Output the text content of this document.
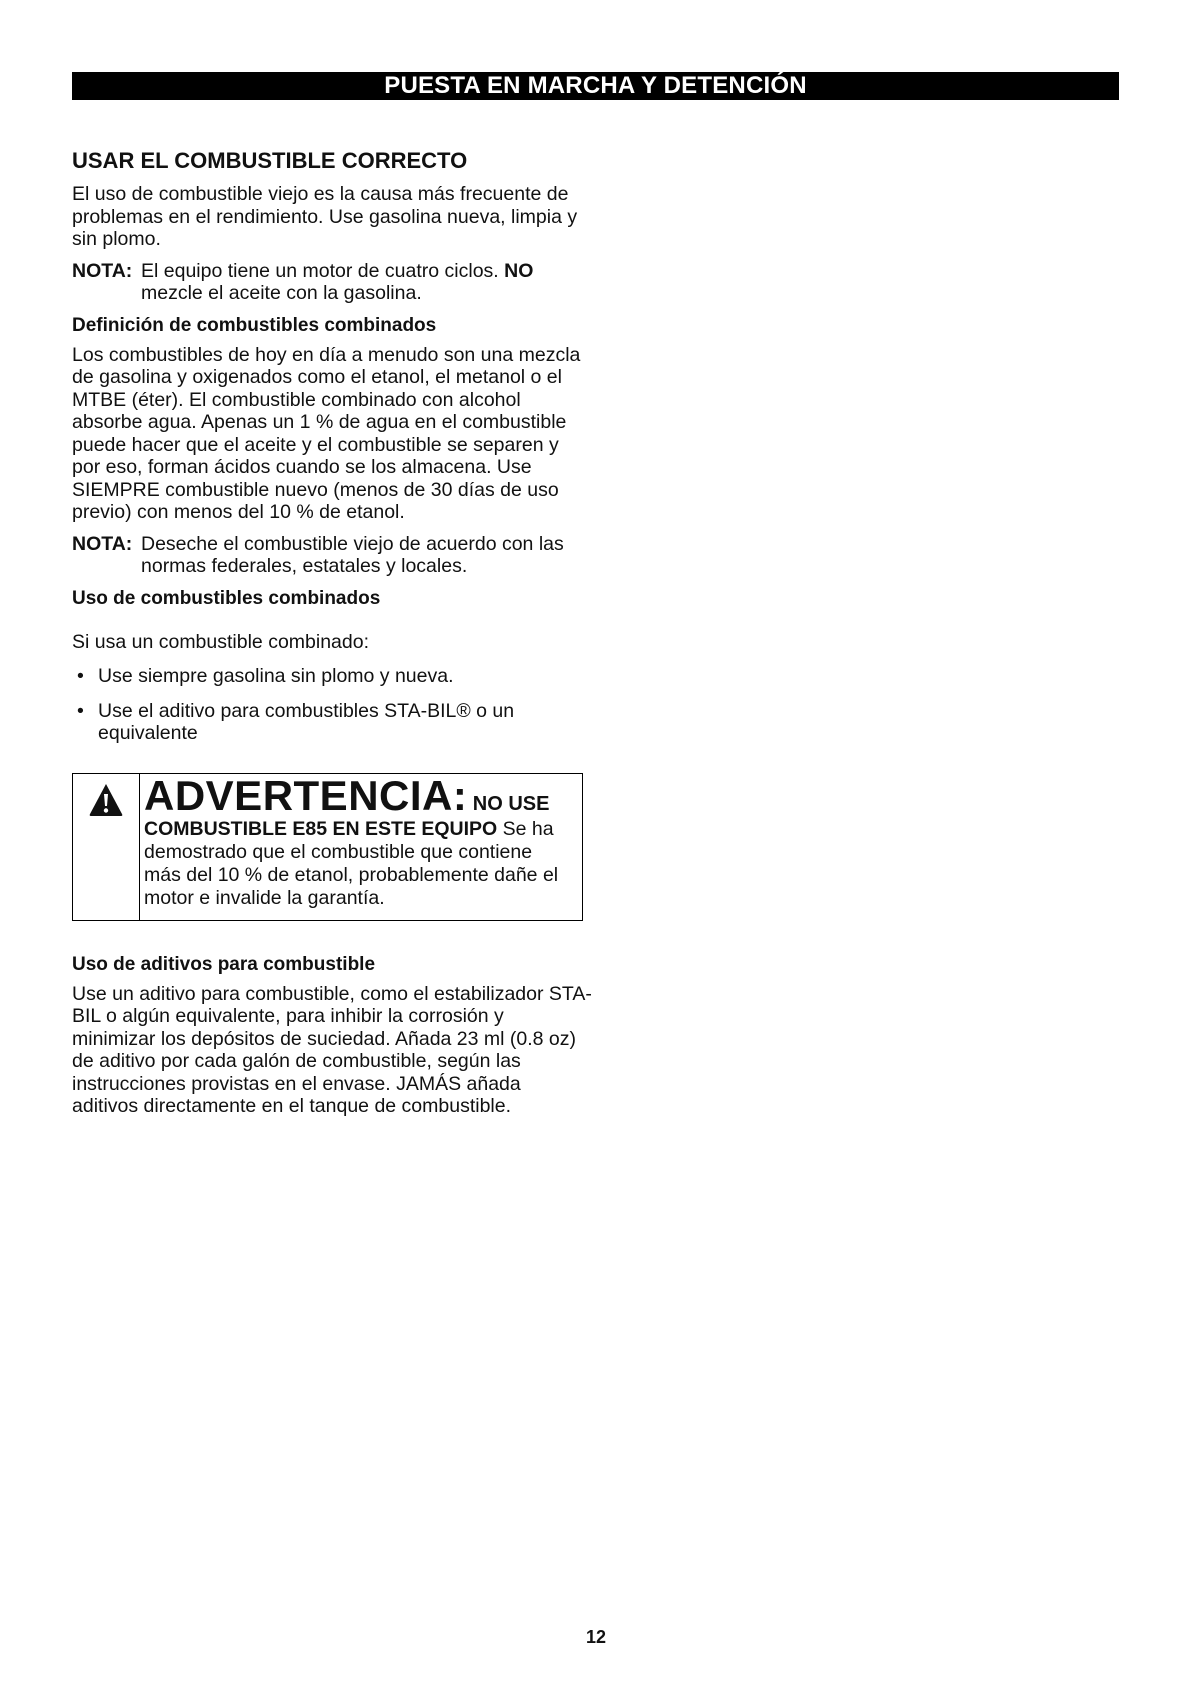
PUESTA EN MARCHA Y DETENCIÓN
USAR EL COMBUSTIBLE CORRECTO

El uso de combustible viejo es la causa más frecuente de problemas en el rendimiento. Use gasolina nueva, limpia y sin plomo.

NOTA: El equipo tiene un motor de cuatro ciclos. NO
mezcle el aceite con la gasolina.
Definición de combustibles combinados

Los combustibles de hoy en día a menudo son una mezcla de gasolina y oxigenados como el etanol, el metanol o el MTBE (éter). El combustible combinado con alcohol absorbe agua. Apenas un 1 % de agua en el combustible puede hacer que el aceite y el combustible se separen y por eso, forman ácidos cuando se los almacena. Use SIEMPRE combustible nuevo (menos de 30 días de uso previo) con menos del 10 % de etanol.

NOTA: Deseche el combustible viejo de acuerdo con las
normas federales, estatales y locales.
Uso de combustibles combinados

Si usa un combustible combinado:

• Use siempre gasolina sin plomo y nueva.
• Use el aditivo para combustibles STA-BIL® o un equivalente
ADVERTENCIA: NO USE
COMBUSTIBLE E85 EN ESTE EQUIPO Se ha demostrado que el combustible que contiene más del 10 % de etanol, probablemente dañe el motor e invalide la garantía.
Uso de aditivos para combustible

Use un aditivo para combustible, como el estabilizador STA-BIL o algún equivalente, para inhibir la corrosión y minimizar los depósitos de suciedad. Añada 23 ml (0.8 oz) de aditivo por cada galón de combustible, según las instrucciones provistas en el envase. JAMÁS añada aditivos directamente en el tanque de combustible.

12
